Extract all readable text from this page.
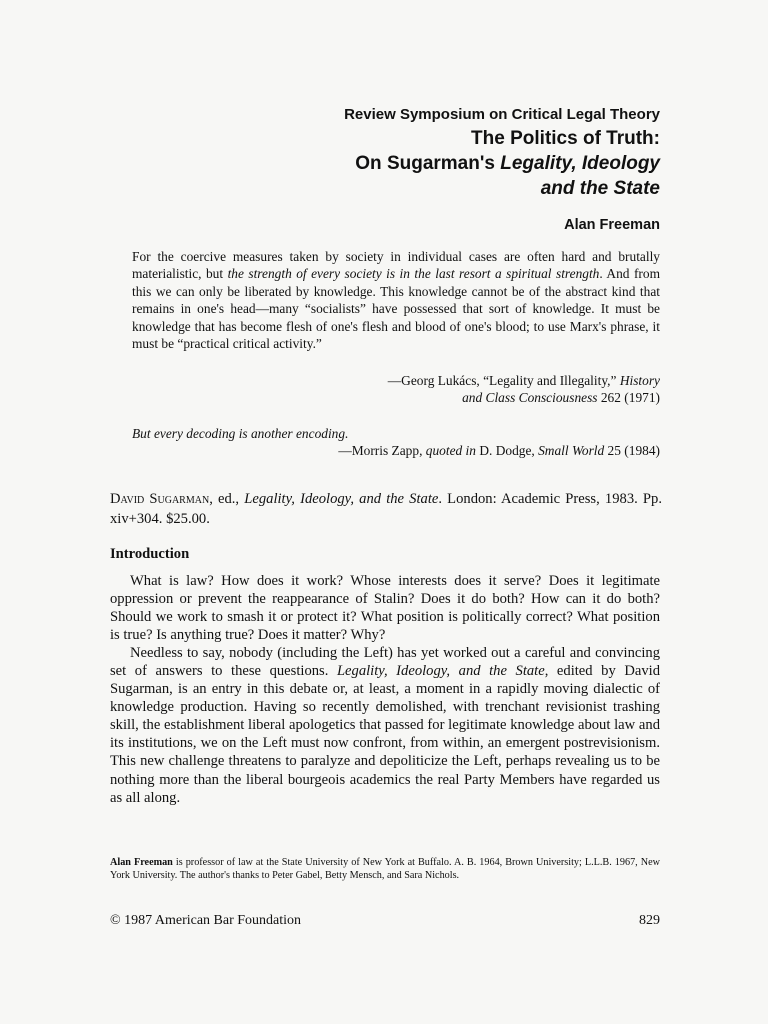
Review Symposium on Critical Legal Theory
The Politics of Truth:
On Sugarman's Legality, Ideology
and the State
Alan Freeman
For the coercive measures taken by society in individual cases are often hard and brutally materialistic, but the strength of every society is in the last resort a spiritual strength. And from this we can only be liberated by knowledge. This knowledge cannot be of the abstract kind that remains in one's head—many “socialists” have possessed that sort of knowledge. It must be knowledge that has become flesh of one's flesh and blood of one's blood; to use Marx's phrase, it must be “practical critical activity.”
—Georg Lukács, “Legality and Illegality,” History
and Class Consciousness 262 (1971)
But every decoding is another encoding.
—Morris Zapp, quoted in D. Dodge, Small World 25 (1984)
David Sugarman, ed., Legality, Ideology, and the State. London: Academic Press, 1983. Pp. xiv+304. $25.00.
Introduction

What is law? How does it work? Whose interests does it serve? Does it legitimate oppression or prevent the reappearance of Stalin? Does it do both? How can it do both? Should we work to smash it or protect it? What position is politically correct? What position is true? Is anything true? Does it matter? Why?

Needless to say, nobody (including the Left) has yet worked out a careful and convincing set of answers to these questions. Legality, Ideology, and the State, edited by David Sugarman, is an entry in this debate or, at least, a moment in a rapidly moving dialectic of knowledge production. Having so recently demolished, with trenchant revisionist trashing skill, the establishment liberal apologetics that passed for legitimate knowledge about law and its institutions, we on the Left must now confront, from within, an emergent postrevisionism. This new challenge threatens to paralyze and depoliticize the Left, perhaps revealing us to be nothing more than the liberal bourgeois academics the real Party Members have regarded us as all along.

Alan Freeman is professor of law at the State University of New York at Buffalo. A. B. 1964, Brown University; L.L.B. 1967, New York University. The author's thanks to Peter Gabel, Betty Mensch, and Sara Nichols.
© 1987 American Bar Foundation	829
